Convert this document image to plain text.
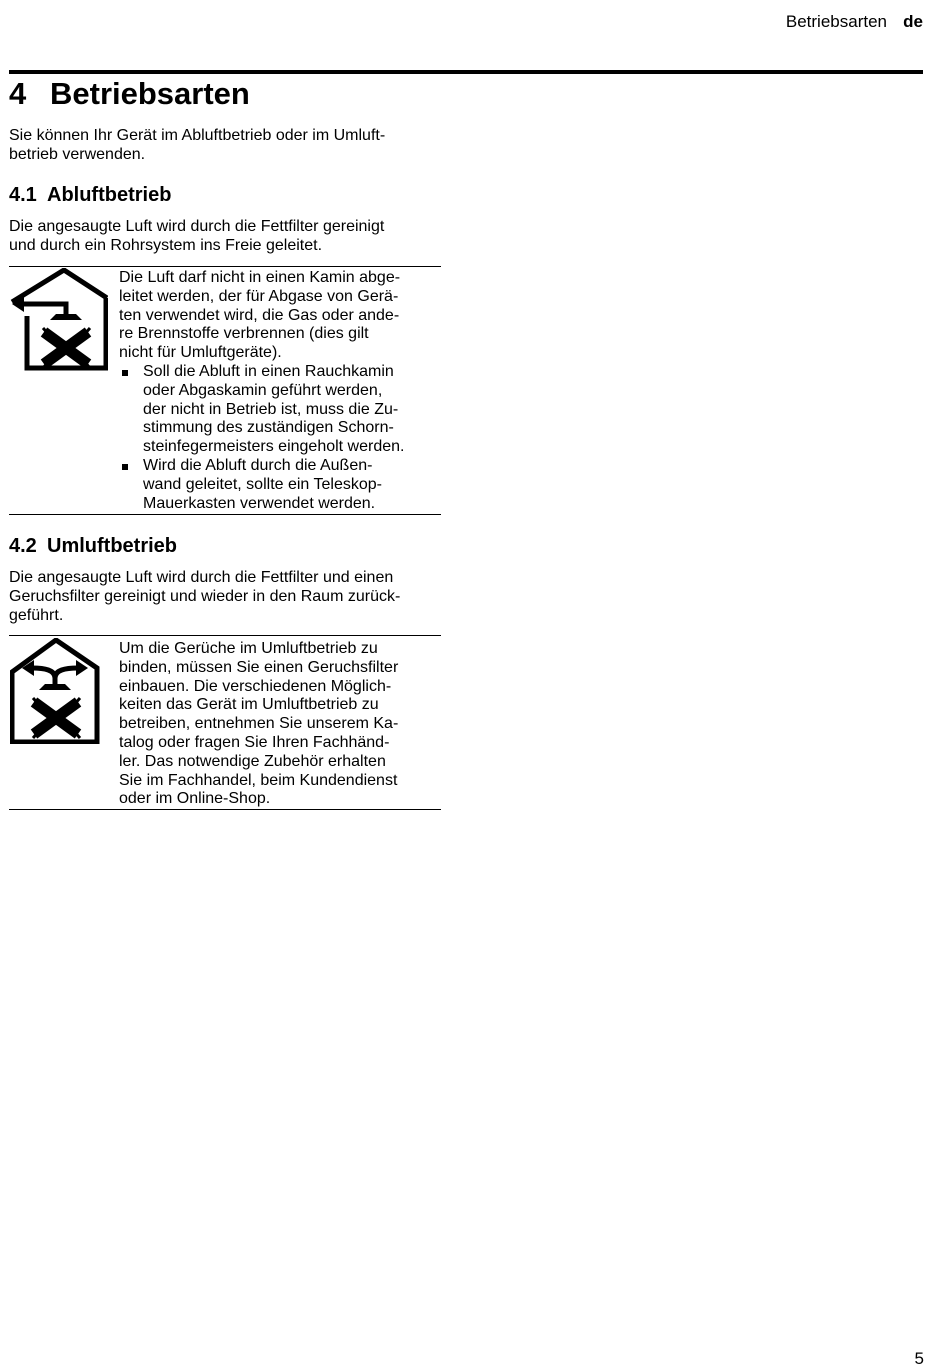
Betriebsarten de
4 Betriebsarten
Sie können Ihr Gerät im Abluftbetrieb oder im Umluft-
betrieb verwenden.
4.1 Abluftbetrieb
Die angesaugte Luft wird durch die Fettfilter gereinigt
und durch ein Rohrsystem ins Freie geleitet.
Die Luft darf nicht in einen Kamin abge-
leitet werden, der für Abgase von Gerä-
ten verwendet wird, die Gas oder ande-
re Brennstoffe verbrennen (dies gilt
nicht für Umluftgeräte).
Soll die Abluft in einen Rauchkamin
oder Abgaskamin geführt werden,
der nicht in Betrieb ist, muss die Zu-
stimmung des zuständigen Schorn-
steinfegermeisters eingeholt werden.
Wird die Abluft durch die Außen-
wand geleitet, sollte ein Teleskop-
Mauerkasten verwendet werden.
4.2 Umluftbetrieb
Die angesaugte Luft wird durch die Fettfilter und einen
Geruchsfilter gereinigt und wieder in den Raum zurück-
geführt.
Um die Gerüche im Umluftbetrieb zu
binden, müssen Sie einen Geruchsfilter
einbauen. Die verschiedenen Möglich-
keiten das Gerät im Umluftbetrieb zu
betreiben, entnehmen Sie unserem Ka-
talog oder fragen Sie Ihren Fachhänd-
ler. Das notwendige Zubehör erhalten
Sie im Fachhandel, beim Kundendienst
oder im Online-Shop.
5
